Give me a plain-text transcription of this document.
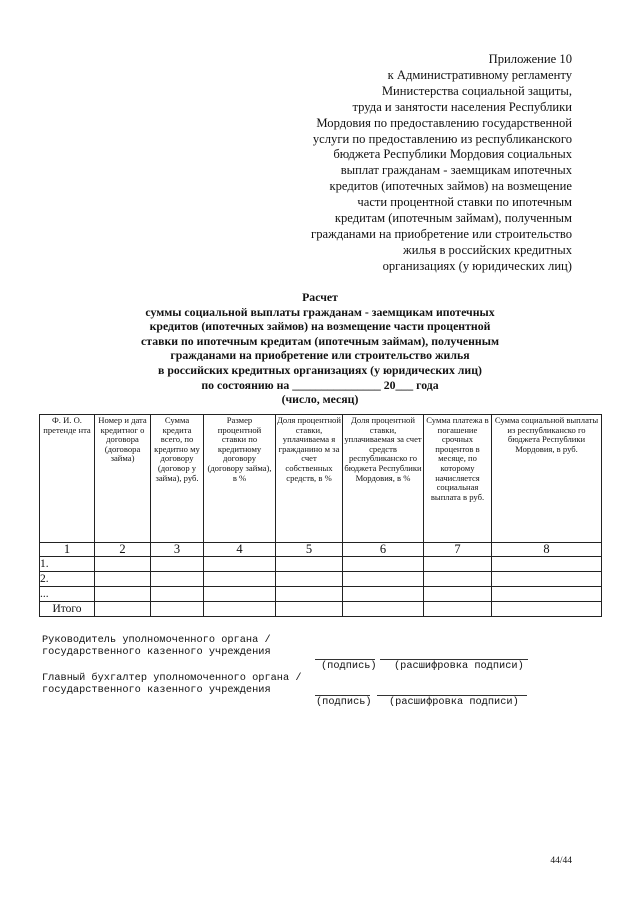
Приложение 10
к Административному регламенту
Министерства социальной защиты,
труда и занятости населения Республики
Мордовия по предоставлению государственной
услуги по предоставлению из республиканского
бюджета Республики Мордовия социальных
выплат гражданам - заемщикам ипотечных
кредитов (ипотечных займов) на возмещение
части процентной ставки по ипотечным
кредитам (ипотечным займам), полученным
гражданами на приобретение или строительство
жилья в российских кредитных
организациях (у юридических лиц)
Расчет
суммы социальной выплаты гражданам - заемщикам ипотечных
кредитов (ипотечных займов) на возмещение части процентной
ставки по ипотечным кредитам (ипотечным займам), полученным
гражданами на приобретение или строительство жилья
в российских кредитных организациях (у юридических лиц)
по состоянию на _______________ 20___ года
(число, месяц)
Ф. И. О. претенде нта	Номер и дата кредитног о договора (договора займа)	Сумма кредита всего, по кредитно му договору (договор у займа), руб.	Размер процентной ставки по кредитному договору (договору займа), в %	Доля процентной ставки, уплачиваема я гражданино м за счет собственных средств, в %	Доля процентной ставки, уплачиваемая за счет средств республиканско го бюджета Республики Мордовия, в %	Сумма платежа в погашение срочных процентов в месяце, по которому начисляется социальная выплата в руб.	Сумма социальной выплаты из республиканско го бюджета Республики Мордовия, в руб.
1	2	3	4	5	6	7	8
1.							
2.							
...							
Итого							
Руководитель уполномоченного органа /
государственного казенного учреждения
(подпись) (расшифровка подписи)
Главный бухгалтер уполномоченного органа /
государственного казенного учреждения
(подпись) (расшифровка подписи)
44/44
